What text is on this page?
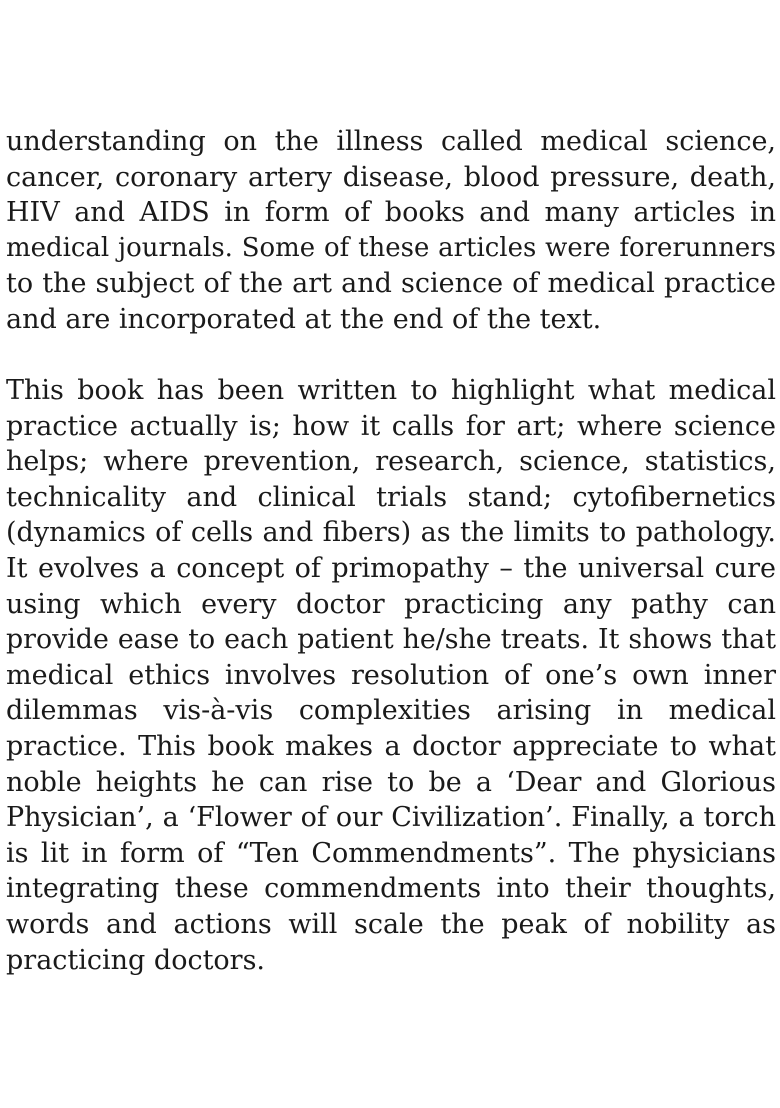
understanding on the illness called medical science,
cancer, coronary artery disease, blood pressure, death,
HIV and AIDS in form of books and many articles in
medical journals. Some of these articles were forerunners
to the subject of the art and science of medical practice
and are incorporated at the end of the text.
This book has been written to highlight what medical
practice actually is; how it calls for art; where science
helps; where prevention, research, science, statistics,
technicality and clinical trials stand; cytofibernetics
(dynamics of cells and fibers) as the limits to pathology.
It evolves a concept of primopathy – the universal cure
using which every doctor practicing any pathy can
provide ease to each patient he/she treats. It shows that
medical ethics involves resolution of one’s own inner
dilemmas vis-à-vis complexities arising in medical
practice. This book makes a doctor appreciate to what
noble heights he can rise to be a ‘Dear and Glorious
Physician’, a ‘Flower of our Civilization’. Finally, a torch
is lit in form of “Ten Commendments”. The physicians
integrating these commendments into their thoughts,
words and actions will scale the peak of nobility as
practicing doctors.
